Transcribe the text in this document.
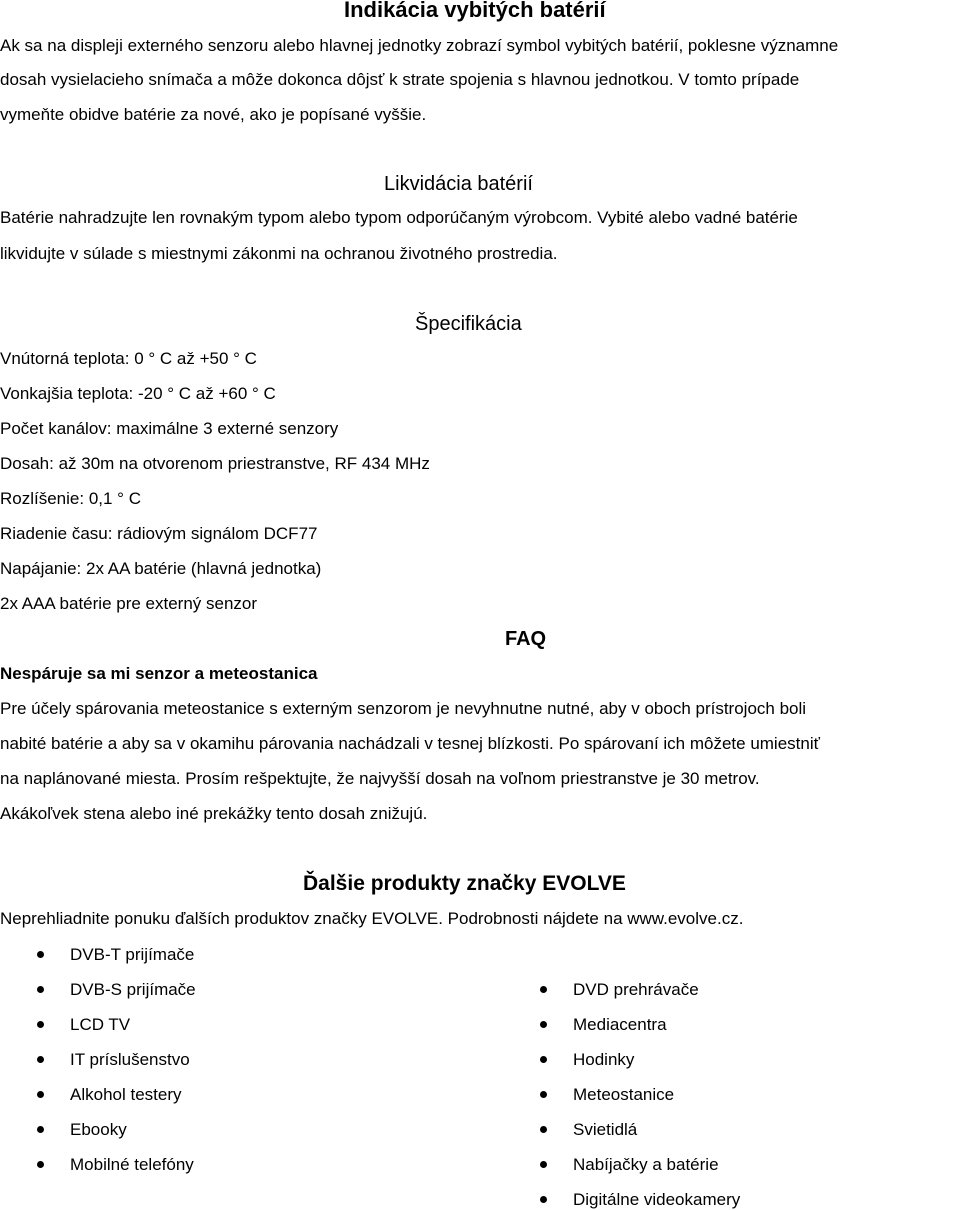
Indikácia vybitých batérií
Ak sa na displeji externého senzoru alebo hlavnej jednotky zobrazí symbol vybitých batérií, poklesne významne
dosah vysielacieho snímača a môže dokonca dôjsť k strate spojenia s hlavnou jednotkou. V tomto prípade
vymeňte obidve batérie za nové, ako je popísané vyššie.
Likvidácia batérií
Batérie nahradzujte len rovnakým typom alebo typom odporúčaným výrobcom. Vybité alebo vadné batérie
likvidujte v súlade s miestnymi zákonmi na ochranou životného prostredia.
Špecifikácia
Vnútorná teplota: 0 ° C až +50 ° C
Vonkajšia teplota: -20 ° C až +60 ° C
Počet kanálov: maximálne 3 externé senzory
Dosah: až 30m na otvorenom priestranstve, RF 434 MHz
Rozlíšenie: 0,1 ° C
Riadenie času: rádiovým signálom DCF77
Napájanie: 2x AA batérie (hlavná jednotka)
2x AAA batérie pre externý senzor
FAQ
Nespáruje sa mi senzor a meteostanica
Pre účely spárovania meteostanice s externým senzorom je nevyhnutne nutné, aby v oboch prístrojoch boli
nabité batérie a aby sa v okamihu párovania nachádzali v tesnej blízkosti. Po spárovaní ich môžete umiestniť
na naplánované miesta. Prosím rešpektujte, že najvyšší dosah na voľnom priestranstve je 30 metrov.
Akákoľvek stena alebo iné prekážky tento dosah znižujú.
Ďalšie produkty značky EVOLVE
Neprehliadnite ponuku ďalších produktov značky EVOLVE. Podrobnosti nájdete na www.evolve.cz.
DVB-T prijímače
DVB-S prijímače
LCD TV
IT príslušenstvo
Alkohol testery
Ebooky
Mobilné telefóny
DVD prehrávače
Mediacentra
Hodinky
Meteostanice
Svietidlá
Nabíjačky a batérie
Digitálne videokamery
